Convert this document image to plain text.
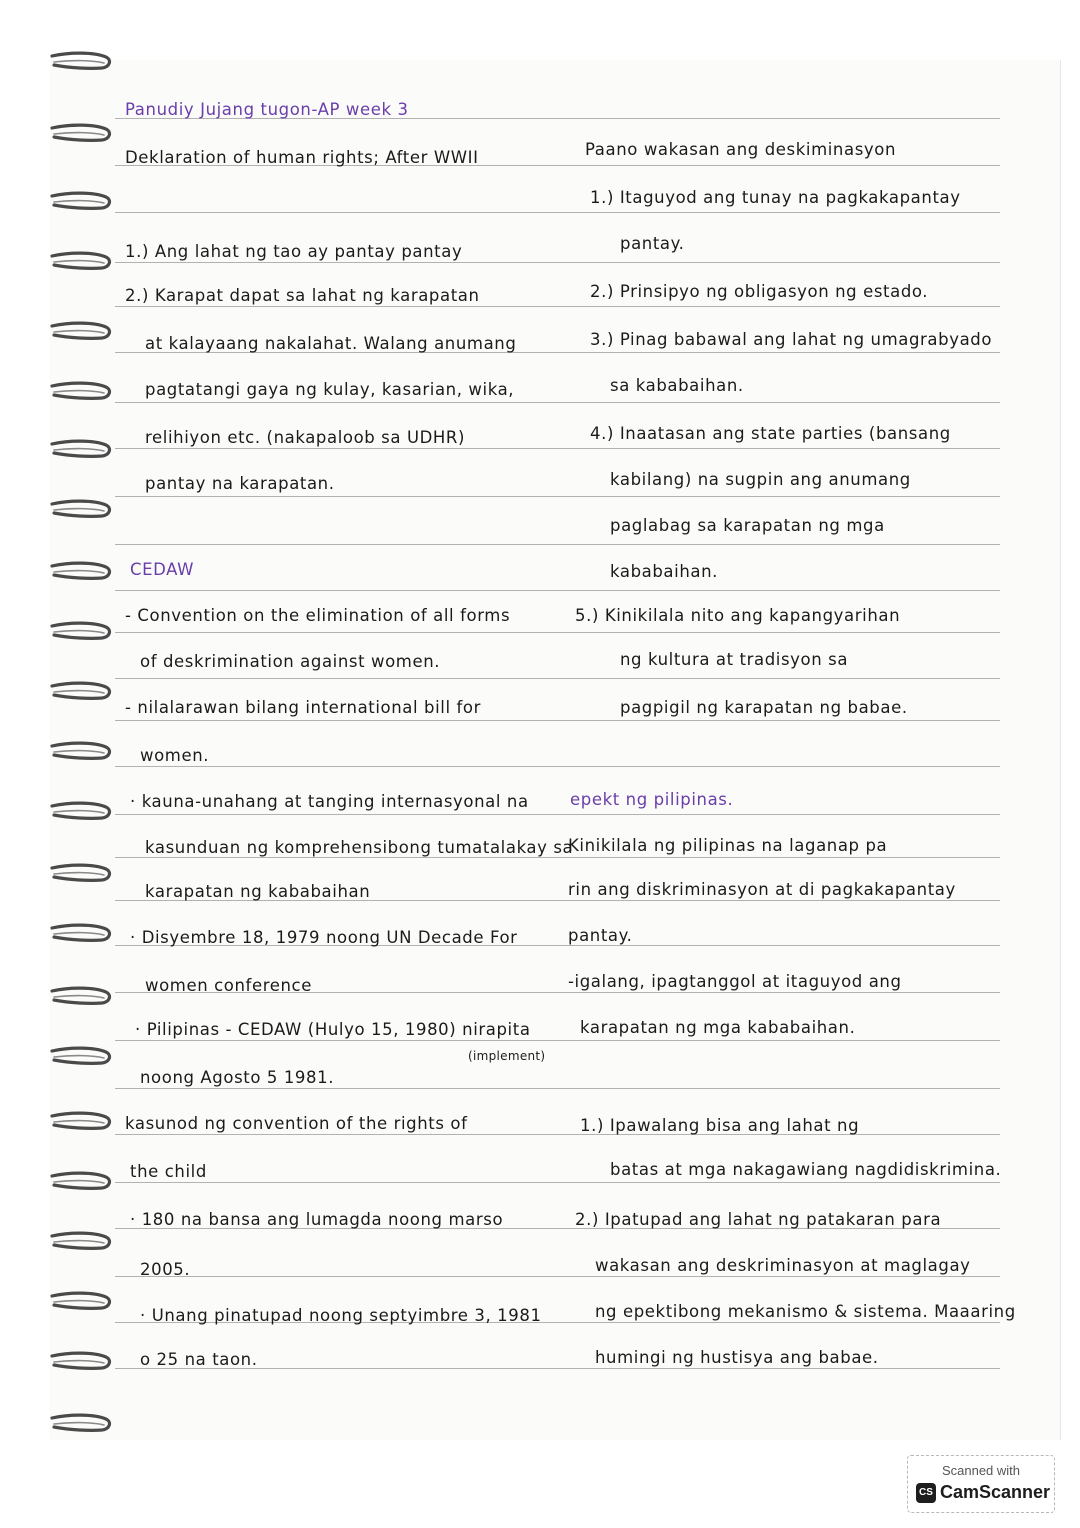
Panudiy Jujang tugon-AP week 3
Deklaration of human rights; After WWII
1.) Ang lahat ng tao ay pantay pantay
2.) Karapat dapat sa lahat ng karapatan
at kalayaang nakalahat. Walang anumang
pagtatangi gaya ng kulay, kasarian, wika,
relihiyon etc. (nakapaloob sa UDHR)
pantay na karapatan.
CEDAW
- Convention on the elimination of all forms
of deskrimination against women.
- nilalarawan bilang international bill for
women.
· kauna-unahang at tanging internasyonal na
kasunduan ng komprehensibong tumatalakay sa
karapatan ng kababaihan
· Disyembre 18, 1979 noong UN Decade For
women conference
· Pilipinas - CEDAW (Hulyo 15, 1980) nirapita
(implement)
noong Agosto 5 1981.
kasunod ng convention of the rights of
the child
· 180 na bansa ang lumagda noong marso
2005.
· Unang pinatupad noong septyimbre 3, 1981
o 25 na taon.
Paano wakasan ang deskiminasyon
1.) Itaguyod ang tunay na pagkakapantay
pantay.
2.) Prinsipyo ng obligasyon ng estado.
3.) Pinag babawal ang lahat ng umagrabyado
sa kababaihan.
4.) Inaatasan ang state parties (bansang
kabilang) na sugpin ang anumang
paglabag sa karapatan ng mga
kababaihan.
5.) Kinikilala nito ang kapangyarihan
ng kultura at tradisyon sa
pagpigil ng karapatan ng babae.
epekt ng pilipinas.
Kinikilala ng pilipinas na laganap pa
rin ang diskriminasyon at di pagkakapantay
pantay.
-igalang, ipagtanggol at itaguyod ang
karapatan ng mga kababaihan.
1.) Ipawalang bisa ang lahat ng
batas at mga nakagawiang nagdidiskrimina.
2.) Ipatupad ang lahat ng patakaran para
wakasan ang deskriminasyon at maglagay
ng epektibong mekanismo & sistema. Maaaring
humingi ng hustisya ang babae.
Scanned with
CS CamScanner
